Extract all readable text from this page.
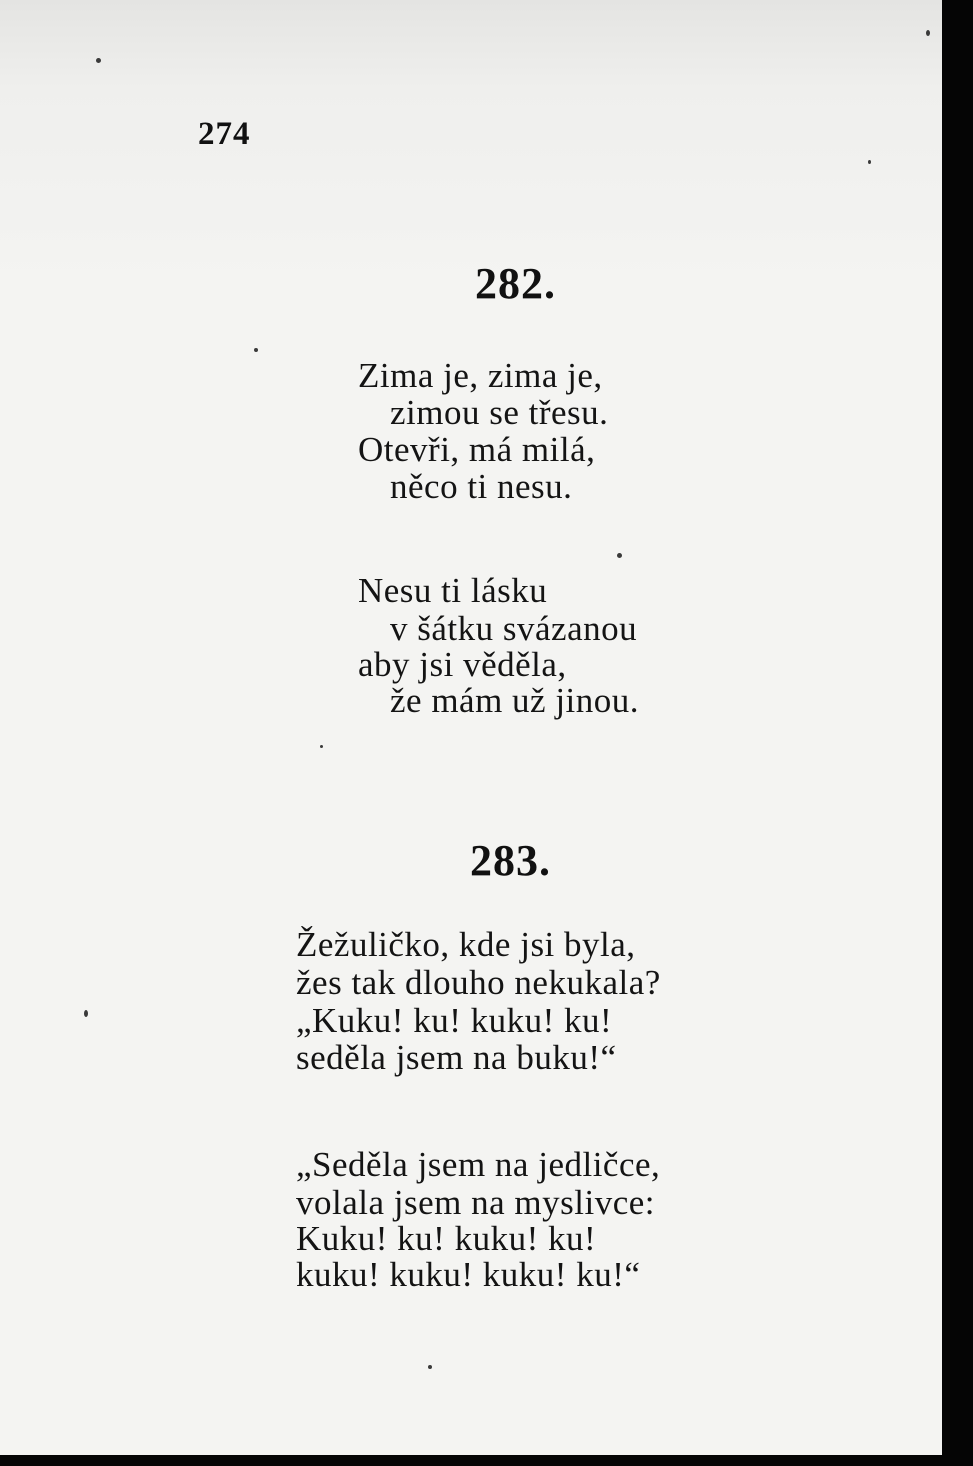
274
282.
Zima je, zima je,
zimou se třesu.
Otevři, má milá,
něco ti nesu.
Nesu ti lásku
v šátku svázanou
aby jsi věděla,
že mám už jinou.
283.
Žežuličko, kde jsi byla,
žes tak dlouho nekukala?
„Kuku! ku! kuku! ku!
seděla jsem na buku!“
„Seděla jsem na jedličce,
volala jsem na myslivce:
Kuku! ku! kuku! ku!
kuku! kuku! kuku! ku!“
